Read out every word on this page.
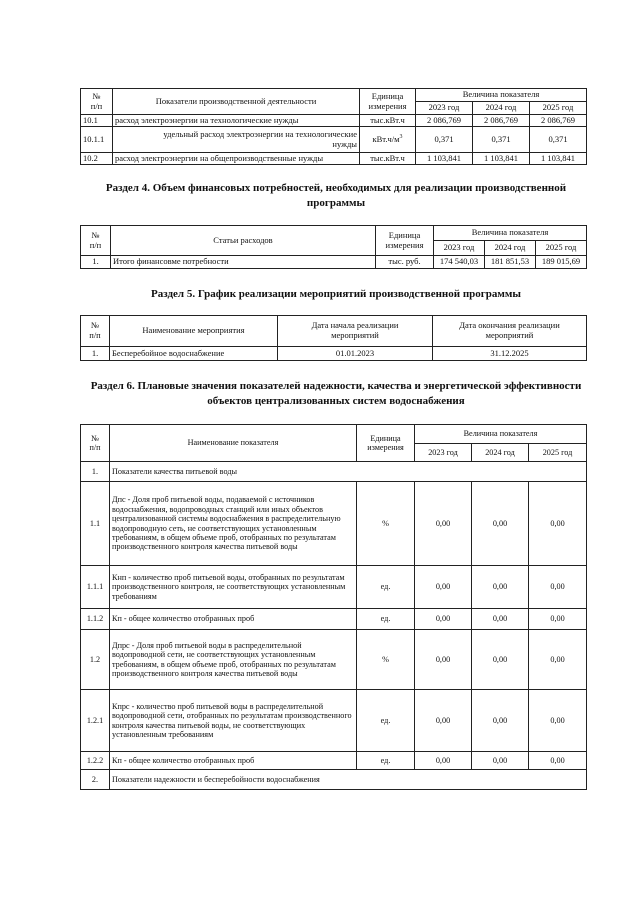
№
п/п	Показатели производственной деятельности	Единица
измерения	Величина показателя		
			2023 год	2024 год	2025 год
10.1	расход электроэнергии на технологические нужды	тыс.кВт.ч	2 086,769	2 086,769	2 086,769
10.1.1	удельный расход электроэнергии на технологические нужды	$кВт.ч/м^3$	0,371	0,371	0,371
10.2	расход электроэнергии на общепроизводственные нужды	тыс.кВт.ч	1 103,841	1 103,841	1 103,841
Раздел 4. Объем финансовых потребностей, необходимых для реализации производственной программы
№
п/п	Статьи расходов	Единица
измерения	Величина показателя		
			2023 год	2024 год	2025 год
1.	Итого финансовме потребности	тыс. руб.	174 540,03	181 851,53	189 015,69
Раздел 5. График реализации мероприятий производственной программы
№
п/п	Наименование мероприятия	Дата начала реализации
мероприятий	Дата окончания реализации
мероприятий
1.	Бесперебойное водоснабжение	01.01.2023	31.12.2025
Раздел 6. Плановые значения показателей надежности, качества и энергетической эффективности объектов централизованных систем водоснабжения
№
п/п	Наименование показателя	Единица
измерения	Величина показателя		
			2023 год	2024 год	2025 год
1.	Показатели качества питьевой воды				
1.1	Дпс - Доля проб питьевой воды, подаваемой с источников водоснабжения, водопроводных станций или иных объектов централизованной системы водоснабжения в распределительную водопроводную сеть, не соответствующих установленным требованиям, в общем объеме проб, отобранных по результатам производственного контроля качества питьевой воды	%	0,00	0,00	0,00
1.1.1	Кнп - количество проб питьевой воды, отобранных по результатам производственного контроля, не соответствующих установленным требованиям	ед.	0,00	0,00	0,00
1.1.2	Кп - общее количество отобранных проб	ед.	0,00	0,00	0,00
1.2	Дпрс - Доля проб питьевой воды в распределительной водопроводной сети, не соответствующих установленным требованиям, в общем объеме проб, отобранных по результатам производственного контроля качества питьевой воды	%	0,00	0,00	0,00
1.2.1	Кпрс - количество проб питьевой воды в распределительной водопроводной сети, отобранных по результатам производственного контроля качества питьевой воды, не соответствующих установленным требованиям	ед.	0,00	0,00	0,00
1.2.2	Кп - общее количество отобранных проб	ед.	0,00	0,00	0,00
2.	Показатели надежности и бесперебойности водоснабжения				
